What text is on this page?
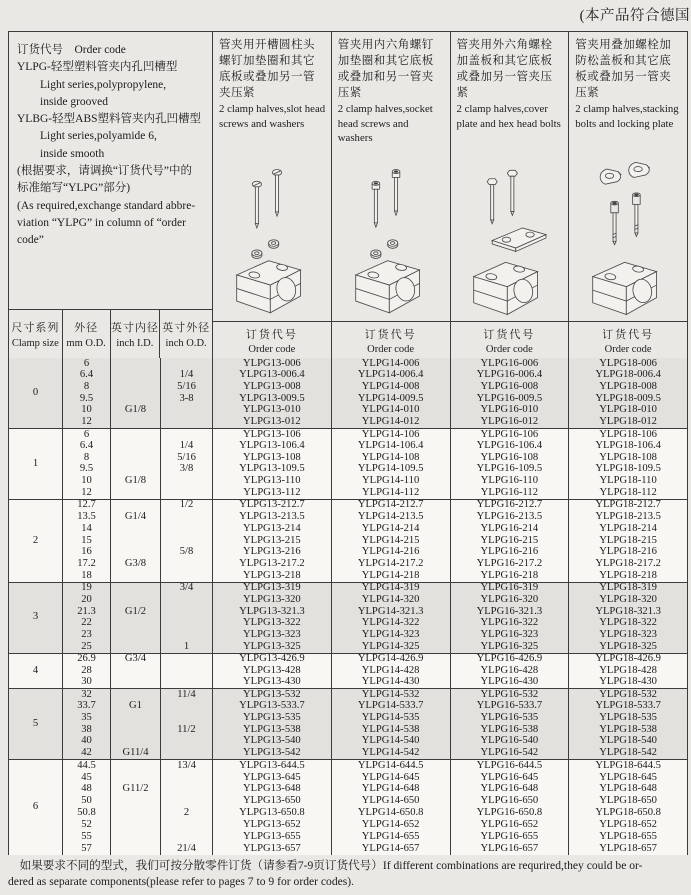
(本产品符合德国
订货代号    Order code
YLPG-轻型塑料管夹内孔凹槽型
Light series,polypropylene,
inside grooved
YLBG-轻型ABS塑料管夹内孔凹槽型
Light series,polyamide 6,
inside smooth
(根据要求，请调换“订货代号”中的
标准缩写“YLPG”部分)
(As required,exchange standard abbre-
viation “YLPG” in column of “order
code”
尺寸系列
Clamp size
外径
mm O.D.
英寸内径
inch I.D.
英寸外径
inch O.D.
管夹用开槽圆柱头螺钉加垫圈和其它底板或叠加另一管夹压紧
2 clamp halves,slot head screws and washers
订货代号
Order code
管夹用内六角螺钉加垫圈和其它底板或叠加和另一管夹压紧
2 clamp halves,socket head screws and washers
订货代号
Order code
管夹用外六角螺栓加盖板和其它底板或叠加另一管夹压紧
2 clamp halves,cover plate and hex head bolts
订货代号
Order code
管夹用叠加螺栓加防松盖板和其它底板或叠加另一管夹压紧
2 clamp halves,stacking bolts and locking plate
订货代号
Order code
0
6
6.4
8
9.5
10
12
G1/8
1/4
5/16
3-8
YLPG13-006
YLPG13-006.4
YLPG13-008
YLPG13-009.5
YLPG13-010
YLPG13-012
YLPG14-006
YLPG14-006.4
YLPG14-008
YLPG14-009.5
YLPG14-010
YLPG14-012
YLPG16-006
YLPG16-006.4
YLPG16-008
YLPG16-009.5
YLPG16-010
YLPG16-012
YLPG18-006
YLPG18-006.4
YLPG18-008
YLPG18-009.5
YLPG18-010
YLPG18-012
1
6
6.4
8
9.5
10
12
G1/8
1/4
5/16
3/8
YLPG13-106
YLPG13-106.4
YLPG13-108
YLPG13-109.5
YLPG13-110
YLPG13-112
YLPG14-106
YLPG14-106.4
YLPG14-108
YLPG14-109.5
YLPG14-110
YLPG14-112
YLPG16-106
YLPG16-106.4
YLPG16-108
YLPG16-109.5
YLPG16-110
YLPG16-112
YLPG18-106
YLPG18-106.4
YLPG18-108
YLPG18-109.5
YLPG18-110
YLPG18-112
2
12.7
13.5
14
15
16
17.2
18
G1/4
G3/8
1/2
5/8
YLPG13-212.7
YLPG13-213.5
YLPG13-214
YLPG13-215
YLPG13-216
YLPG13-217.2
YLPG13-218
YLPG14-212.7
YLPG14-213.5
YLPG14-214
YLPG14-215
YLPG14-216
YLPG14-217.2
YLPG14-218
YLPG16-212.7
YLPG16-213.5
YLPG16-214
YLPG16-215
YLPG16-216
YLPG16-217.2
YLPG16-218
YLPG18-212.7
YLPG18-213.5
YLPG18-214
YLPG18-215
YLPG18-216
YLPG18-217.2
YLPG18-218
3
19
20
21.3
22
23
25
G1/2
3/4
1
YLPG13-319
YLPG13-320
YLPG13-321.3
YLPG13-322
YLPG13-323
YLPG13-325
YLPG14-319
YLPG14-320
YLPG14-321.3
YLPG14-322
YLPG14-323
YLPG14-325
YLPG16-319
YLPG16-320
YLPG16-321.3
YLPG16-322
YLPG16-323
YLPG16-325
YLPG18-319
YLPG18-320
YLPG18-321.3
YLPG18-322
YLPG18-323
YLPG18-325
4
26.9
28
30
G3/4	YLPG13-426.9
YLPG13-428
YLPG13-430
YLPG14-426.9
YLPG14-428
YLPG14-430
YLPG16-426.9
YLPG16-428
YLPG16-430
YLPG18-426.9
YLPG18-428
YLPG18-430
5
32
33.7
35
38
40
42
G1
G11/4
11/4
11/2
YLPG13-532
YLPG13-533.7
YLPG13-535
YLPG13-538
YLPG13-540
YLPG13-542
YLPG14-532
YLPG14-533.7
YLPG14-535
YLPG14-538
YLPG14-540
YLPG14-542
YLPG16-532
YLPG16-533.7
YLPG16-535
YLPG16-538
YLPG16-540
YLPG16-542
YLPG18-532
YLPG18-533.7
YLPG18-535
YLPG18-538
YLPG18-540
YLPG18-542
6
44.5
45
48
50
50.8
52
55
57
G11/2
13/4
2
21/4
YLPG13-644.5
YLPG13-645
YLPG13-648
YLPG13-650
YLPG13-650.8
YLPG13-652
YLPG13-655
YLPG13-657
YLPG14-644.5
YLPG14-645
YLPG14-648
YLPG14-650
YLPG14-650.8
YLPG14-652
YLPG14-655
YLPG14-657
YLPG16-644.5
YLPG16-645
YLPG16-648
YLPG16-650
YLPG16-650.8
YLPG16-652
YLPG16-655
YLPG16-657
YLPG18-644.5
YLPG18-645
YLPG18-648
YLPG18-650
YLPG18-650.8
YLPG18-652
YLPG18-655
YLPG18-657
如果要求不同的型式，我们可按分散零件订货（请参看7-9页订货代号）If different combinations are requrired,they could be or-
dered as separate components(please refer to pages 7 to 9 for order codes).
